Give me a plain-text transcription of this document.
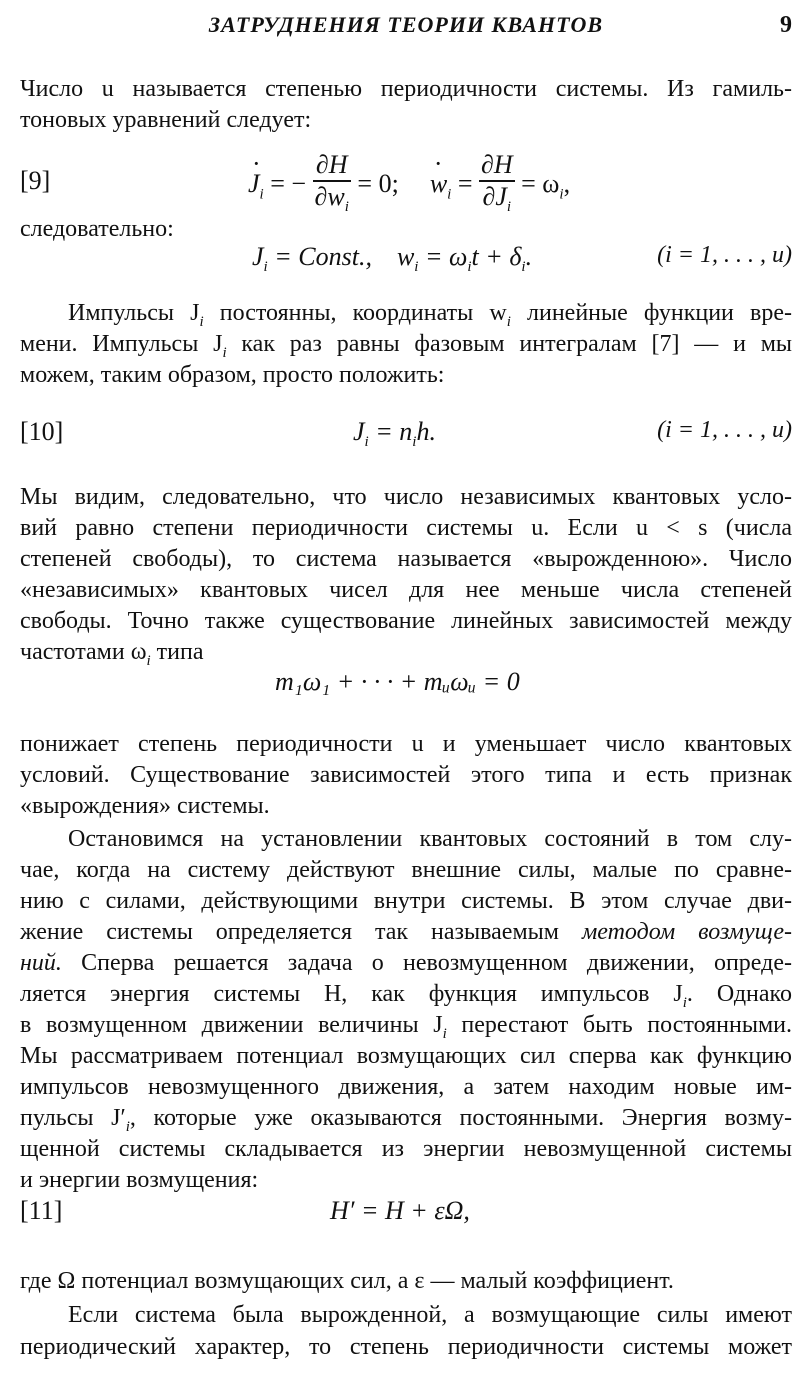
ЗАТРУДНЕНИЯ ТЕОРИИ КВАНТОВ	9
Число u называется степенью периодичности системы. Из гамиль-
тоновых уравнений следует:
[9]	· $J_i$ = − $\frac{\partial H}{\partial w_i} = 0$; · $w_i = \frac{\partial H}{\partial J_i} = \omega_i$,
следовательно:
$J_i$ = Const., $w_i = \omega_it + \delta_i$.	(i = 1, . . . , u)
Импульсы $J_i$ постоянны, координаты $w_i$ линейные функции вре-
мени. Импульсы $J_i$ как раз равны фазовым интегралам [7] — и мы
можем, таким образом, просто положить:
[10]	$J_i = n_ih$.	(i = 1, . . . , u)
Мы видим, следовательно, что число независимых квантовых усло-
вий равно степени периодичности системы u. Если u < s (числа
степеней свободы), то система называется «вырожденною». Число
«независимых» квантовых чисел для нее меньше числа степеней
свободы. Точно также существование линейных зависимостей между
частотами $\omega_i$ типа
m₁ω₁ + · · · + mᵤωᵤ = 0
понижает степень периодичности u и уменьшает число квантовых
условий. Существование зависимостей этого типа и есть признак
«вырождения» системы.
Остановимся на установлении квантовых состояний в том слу-
чае, когда на систему действуют внешние силы, малые по сравне-
нию с силами, действующими внутри системы. В этом случае дви-
жение системы определяется так называемым методом возмуще-
ний. Сперва решается задача о невозмущенном движении, опреде-
ляется энергия системы H, как функция импульсов $J_i$. Однако
в возмущенном движении величины $J_i$ перестают быть постоянными.
Мы рассматриваем потенциал возмущающих сил сперва как функцию
импульсов невозмущенного движения, а затем находим новые им-
пульсы $J'_i$, которые уже оказываются постоянными. Энергия возму-
щенной системы складывается из энергии невозмущенной системы
и энергии возмущения:
[11]	H′ = H + εΩ,
где Ω потенциал возмущающих сил, а ε — малый коэффициент.
Если система была вырожденной, а возмущающие силы имеют
периодический характер, то степень периодичности системы может
